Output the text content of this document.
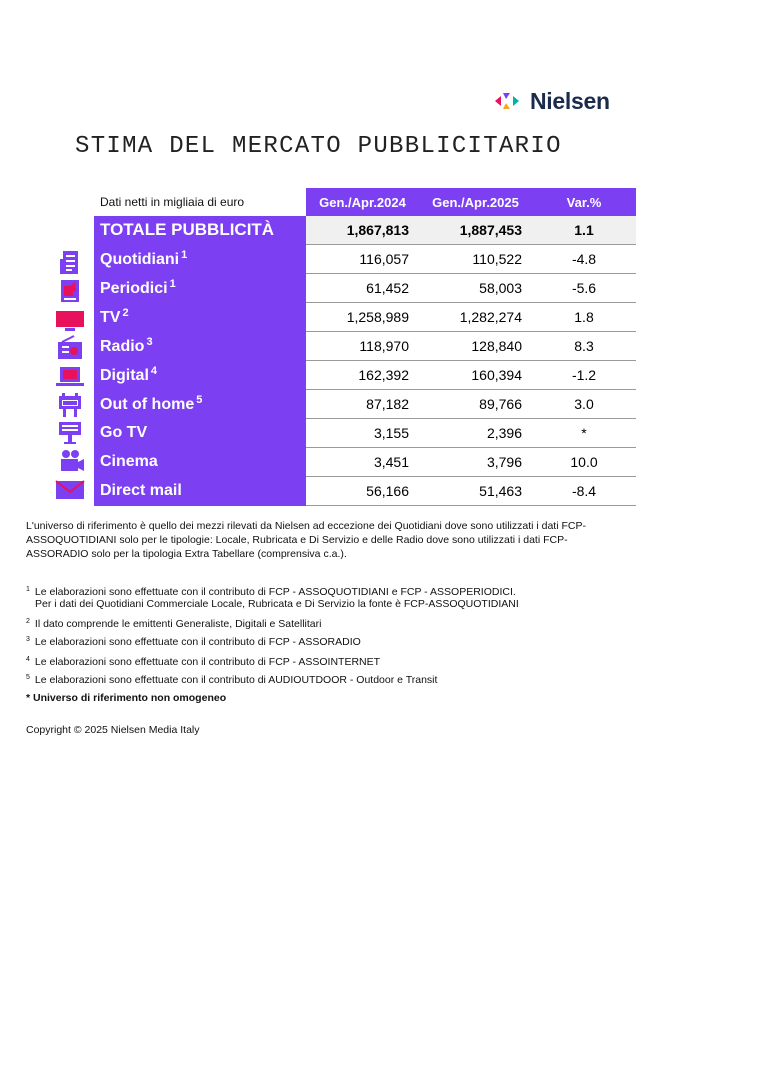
Nielsen
STIMA DEL MERCATO PUBBLICITARIO
Dati netti in migliaia di euro	Gen./Apr.2024	Gen./Apr.2025	Var.%
TOTALE PUBBLICITÀ	1,867,813	1,887,453	1.1
Quotidiani $^1$	116,057	110,522	-4.8
Periodici $^1$	61,452	58,003	-5.6
TV $^2$	1,258,989	1,282,274	1.8
Radio $^3$	118,970	128,840	8.3
Digital $^4$	162,392	160,394	-1.2
Out of home $^5$	87,182	89,766	3.0
Go TV	3,155	2,396	*
Cinema	3,451	3,796	10.0
Direct mail	56,166	51,463	-8.4

L'universo di riferimento è quello dei mezzi rilevati da Nielsen ad eccezione dei Quotidiani dove sono utilizzati i dati FCP-

ASSOQUOTIDIANI solo per le tipologie: Locale, Rubricata e Di Servizio e delle Radio dove sono utilizzati i dati FCP-

ASSORADIO solo per la tipologia Extra Tabellare (comprensiva c.a.).

$^1$ Le elaborazioni sono effettuate con il contributo di FCP - ASSOQUOTIDIANI e FCP - ASSOPERIODICI.
Per i dati dei Quotidiani Commerciale Locale, Rubricata e Di Servizio la fonte è FCP-ASSOQUOTIDIANI
$^2$ Il dato comprende le emittenti Generaliste, Digitali e Satellitari
$^3$ Le elaborazioni sono effettuate con il contributo di FCP - ASSORADIO
$^4$ Le elaborazioni sono effettuate con il contributo di FCP - ASSOINTERNET
$^5$ Le elaborazioni sono effettuate con il contributo di AUDIOUTDOOR - Outdoor e Transit
* Universo di riferimento non omogeneo
Copyright © 2025 Nielsen Media Italy
